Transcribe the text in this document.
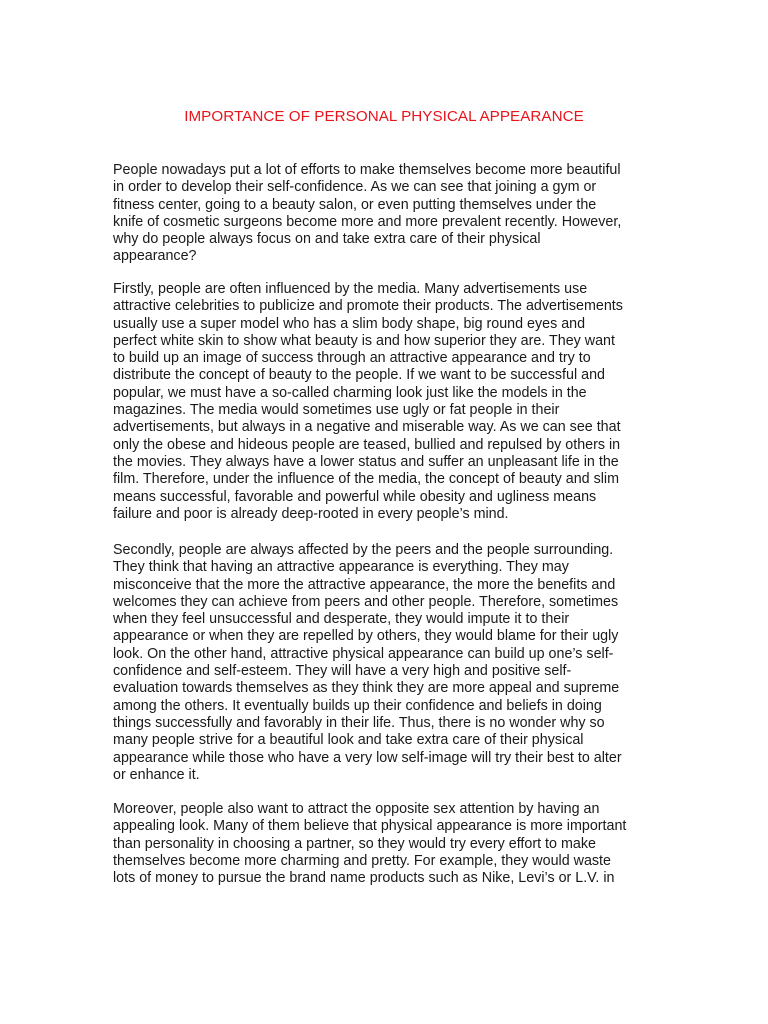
IMPORTANCE OF PERSONAL PHYSICAL APPEARANCE
People nowadays put a lot of efforts to make themselves become more beautiful
in order to develop their self-confidence. As we can see that joining a gym or
fitness center, going to a beauty salon, or even putting themselves under the
knife of cosmetic surgeons become more and more prevalent recently. However,
why do people always focus on and take extra care of their physical
appearance?
Firstly, people are often influenced by the media. Many advertisements use
attractive celebrities to publicize and promote their products. The advertisements
usually use a super model who has a slim body shape, big round eyes and
perfect white skin to show what beauty is and how superior they are. They want
to build up an image of success through an attractive appearance and try to
distribute the concept of beauty to the people. If we want to be successful and
popular, we must have a so-called charming look just like the models in the
magazines. The media would sometimes use ugly or fat people in their
advertisements, but always in a negative and miserable way. As we can see that
only the obese and hideous people are teased, bullied and repulsed by others in
the movies. They always have a lower status and suffer an unpleasant life in the
film. Therefore, under the influence of the media, the concept of beauty and slim
means successful, favorable and powerful while obesity and ugliness means
failure and poor is already deep-rooted in every people’s mind.
Secondly, people are always affected by the peers and the people surrounding.
They think that having an attractive appearance is everything. They may
misconceive that the more the attractive appearance, the more the benefits and
welcomes they can achieve from peers and other people. Therefore, sometimes
when they feel unsuccessful and desperate, they would impute it to their
appearance or when they are repelled by others, they would blame for their ugly
look. On the other hand, attractive physical appearance can build up one’s self-
confidence and self-esteem. They will have a very high and positive self-
evaluation towards themselves as they think they are more appeal and supreme
among the others. It eventually builds up their confidence and beliefs in doing
things successfully and favorably in their life. Thus, there is no wonder why so
many people strive for a beautiful look and take extra care of their physical
appearance while those who have a very low self-image will try their best to alter
or enhance it.
Moreover, people also want to attract the opposite sex attention by having an
appealing look. Many of them believe that physical appearance is more important
than personality in choosing a partner, so they would try every effort to make
themselves become more charming and pretty. For example, they would waste
lots of money to pursue the brand name products such as Nike, Levi’s or L.V. in
